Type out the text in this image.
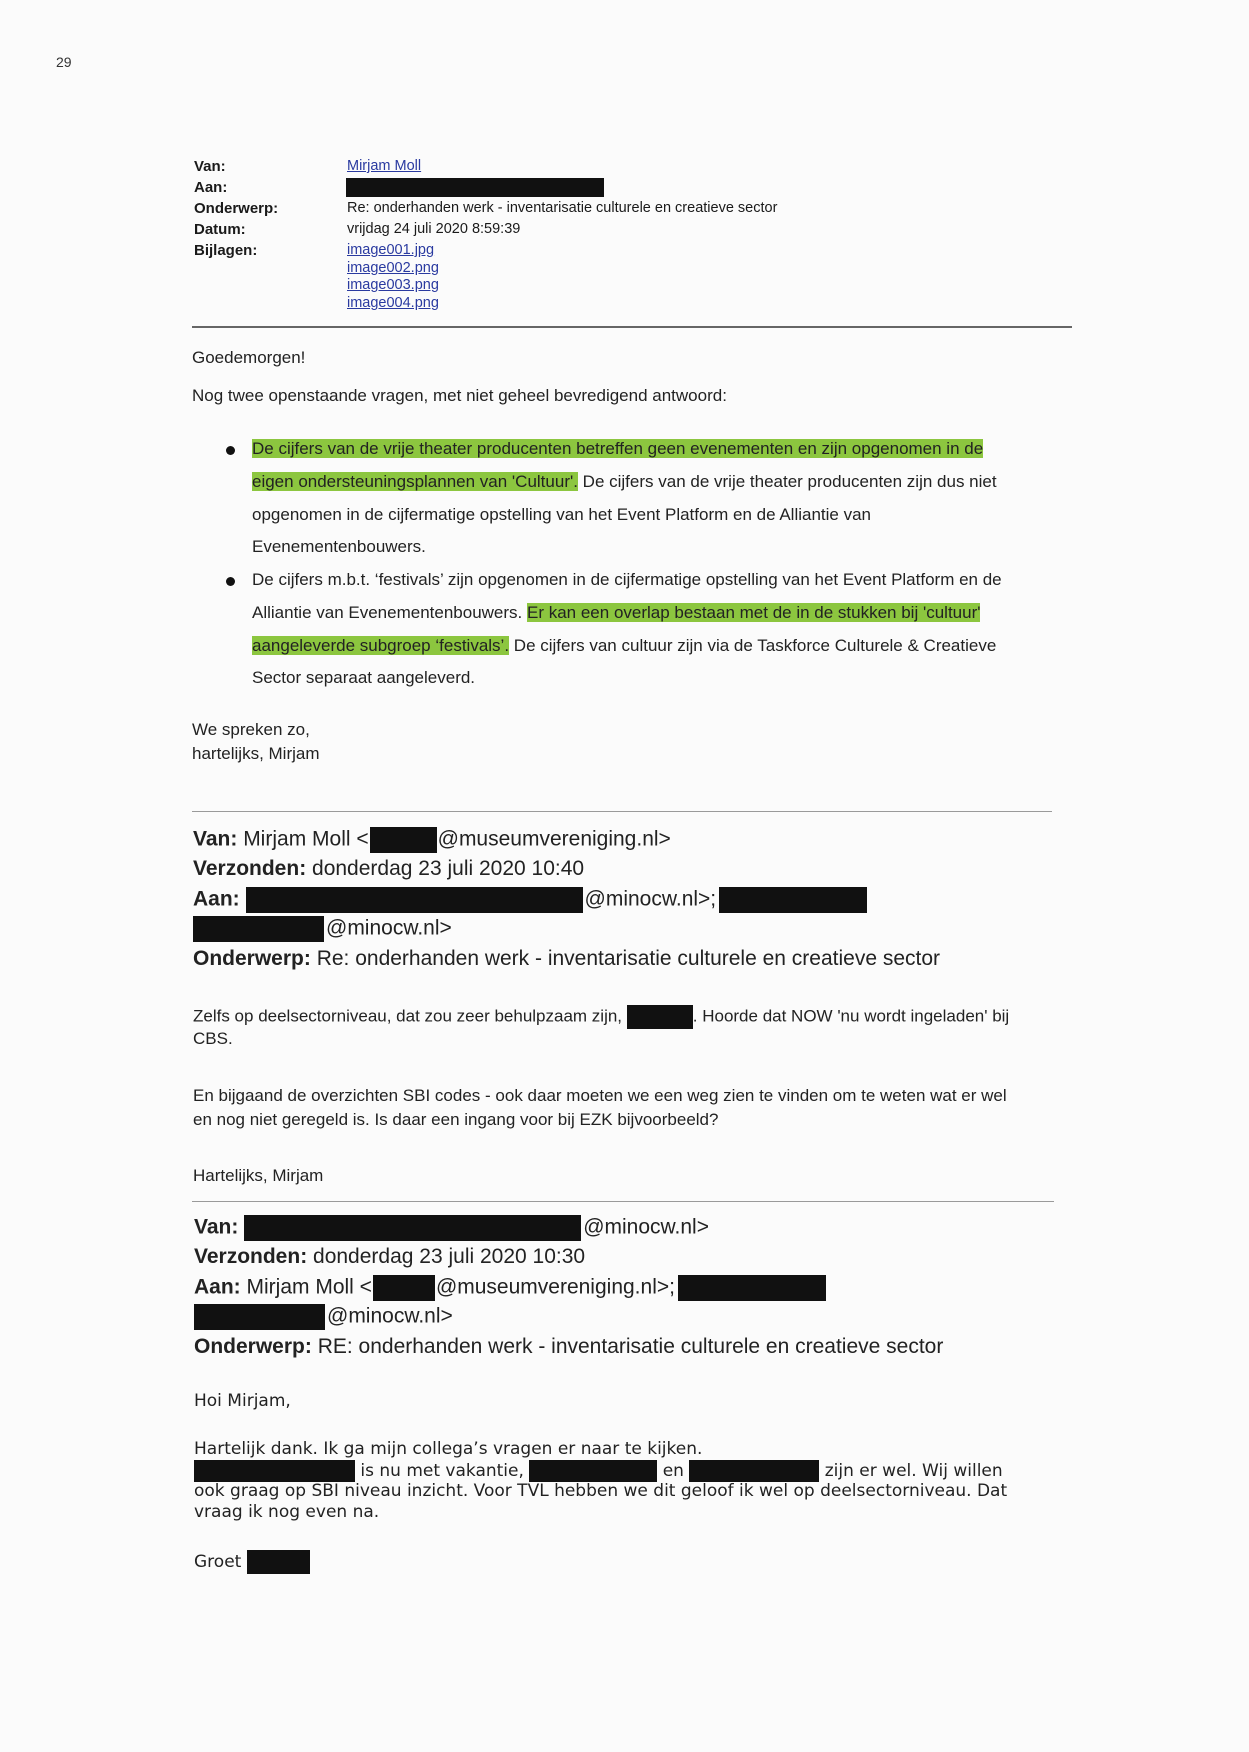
29
Van:	Mirjam Moll
Aan:
Onderwerp:	Re: onderhanden werk - inventarisatie culturele en creatieve sector
Datum:	vrijdag 24 juli 2020 8:59:39
Bijlagen:	image001.jpg
image002.png
image003.png
image004.png
Goedemorgen!
Nog twee openstaande vragen, met niet geheel bevredigend antwoord:
De cijfers van de vrije theater producenten betreffen geen evenementen en zijn opgenomen in de
eigen ondersteuningsplannen van 'Cultuur'. De cijfers van de vrije theater producenten zijn dus niet
opgenomen in de cijfermatige opstelling van het Event Platform en de Alliantie van
Evenementenbouwers.
De cijfers m.b.t. ‘festivals’ zijn opgenomen in de cijfermatige opstelling van het Event Platform en de
Alliantie van Evenementenbouwers. Er kan een overlap bestaan met de in de stukken bij 'cultuur'
aangeleverde subgroep ‘festivals’. De cijfers van cultuur zijn via de Taskforce Culturele & Creatieve
Sector separaat aangeleverd.
We spreken zo,
hartelijks, Mirjam
Van: Mirjam Moll <	@museumvereniging.nl>
Verzonden: donderdag 23 juli 2020 10:40
Aan:	@minocw.nl>;
@minocw.nl>
Onderwerp: Re: onderhanden werk - inventarisatie culturele en creatieve sector
Zelfs op deelsectorniveau, dat zou zeer behulpzaam zijn,	. Hoorde dat NOW 'nu wordt ingeladen' bij
CBS.
En bijgaand de overzichten SBI codes - ook daar moeten we een weg zien te vinden om te weten wat er wel
en nog niet geregeld is. Is daar een ingang voor bij EZK bijvoorbeeld?
Hartelijks, Mirjam
Van:	@minocw.nl>
Verzonden: donderdag 23 juli 2020 10:30
Aan: Mirjam Moll <	@museumvereniging.nl>;
@minocw.nl>
Onderwerp: RE: onderhanden werk - inventarisatie culturele en creatieve sector
Hoi Mirjam,
Hartelijk dank. Ik ga mijn collega’s vragen er naar te kijken.
is nu met vakantie,	en	zijn er wel. Wij willen
ook graag op SBI niveau inzicht. Voor TVL hebben we dit geloof ik wel op deelsectorniveau. Dat
vraag ik nog even na.
Groet
